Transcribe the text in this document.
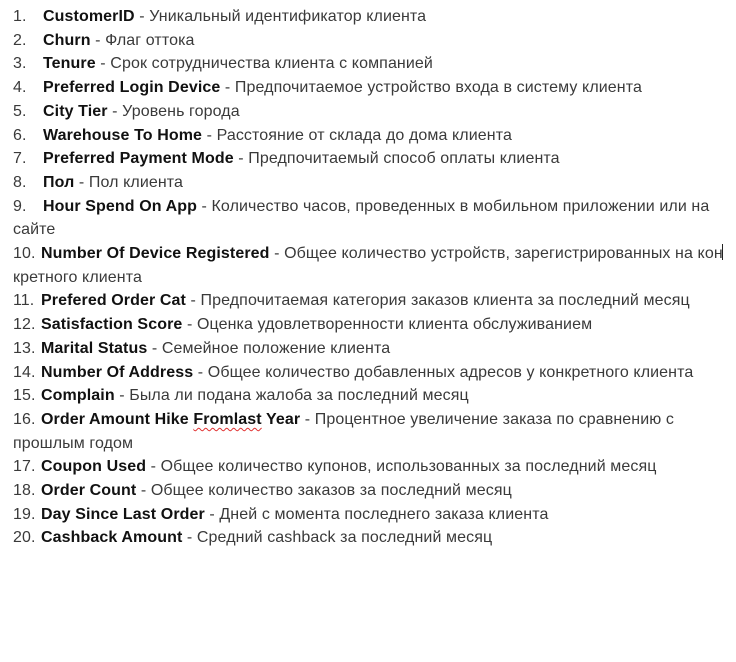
1. CustomerID - Уникальный идентификатор клиента

2. Churn - Флаг оттока

3. Tenure - Срок сотрудничества клиента с компанией

4. Preferred Login Device - Предпочитаемое устройство входа в систему клиента

5. City Tier - Уровень города

6. Warehouse To Home - Расстояние от склада до дома клиента

7. Preferred Payment Mode - Предпочитаемый способ оплаты клиента

8. Пол - Пол клиента

9. Hour Spend On App - Количество часов, проведенных в мобильном приложении или на сайте

10. Number Of Device Registered - Общее количество устройств, зарегистрированных на конкретного клиента

11. Prefered Order Cat - Предпочитаемая категория заказов клиента за последний месяц

12. Satisfaction Score - Оценка удовлетворенности клиента обслуживанием

13. Marital Status - Семейное положение клиента

14. Number Of Address - Общее количество добавленных адресов у конкретного клиента

15. Complain - Была ли подана жалоба за последний месяц

16. Order Amount Hike Fromlast Year - Процентное увеличение заказа по сравнению с прошлым годом

17. Coupon Used - Общее количество купонов, использованных за последний месяц

18. Order Count - Общее количество заказов за последний месяц

19. Day Since Last Order - Дней с момента последнего заказа клиента

20. Cashback Amount - Средний cashback за последний месяц
